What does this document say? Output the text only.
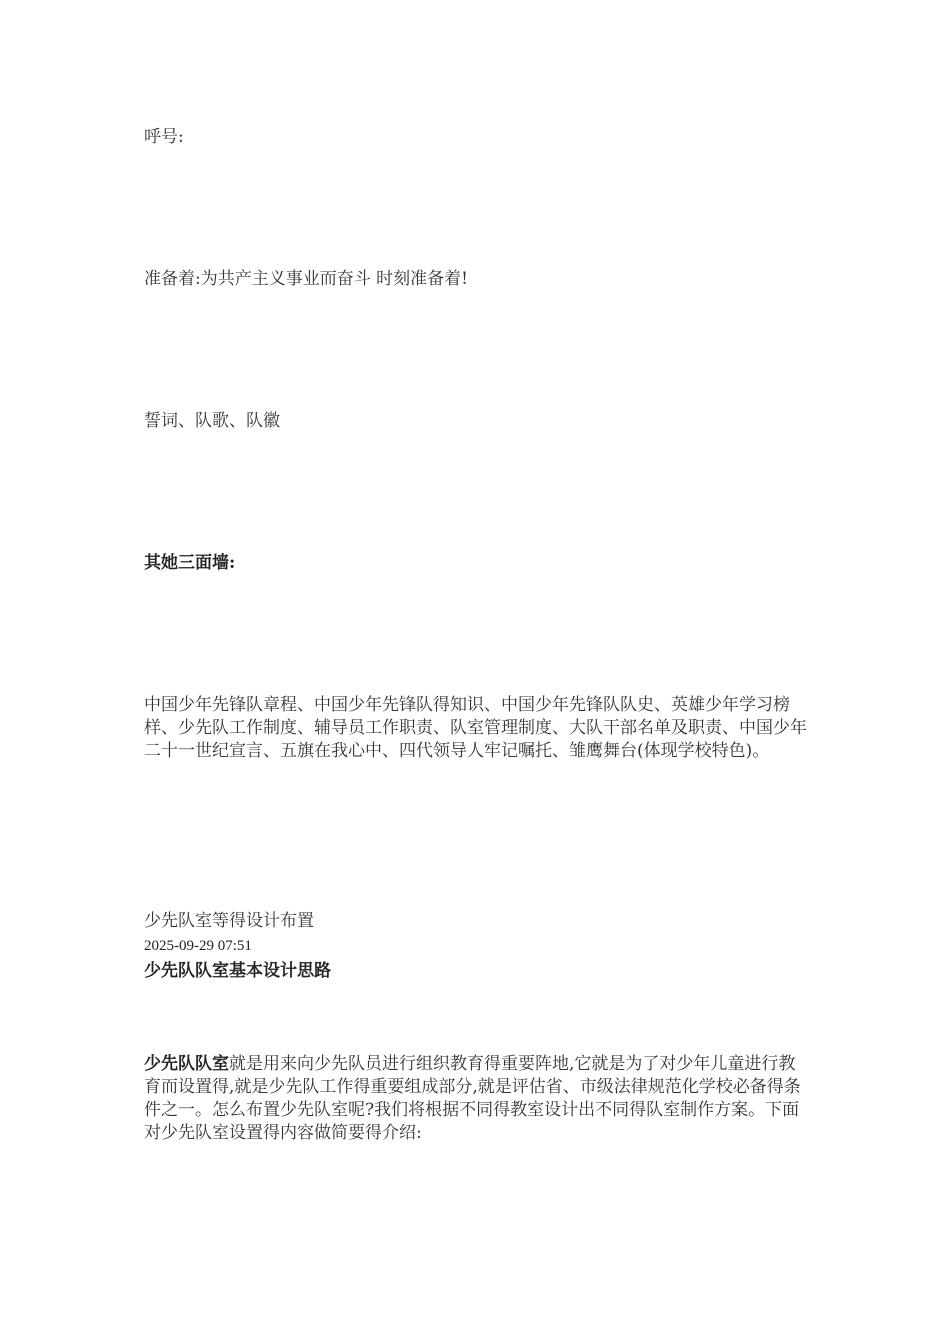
呼号:

准备着:为共产主义事业而奋斗 时刻准备着!

誓词、队歌、队徽

其她三面墙:

中国少年先锋队章程、中国少年先锋队得知识、中国少年先锋队队史、英雄少年学习榜样、少先队工作制度、辅导员工作职责、队室管理制度、大队干部名单及职责、中国少年二十一世纪宣言、五旗在我心中、四代领导人牢记嘱托、雏鹰舞台(体现学校特色)。

少先队室等得设计布置

2025-09-29 07:51

少先队队室基本设计思路

少先队队室就是用来向少先队员进行组织教育得重要阵地,它就是为了对少年儿童进行教育而设置得,就是少先队工作得重要组成部分,就是评估省、市级法律规范化学校必备得条件之一。怎么布置少先队室呢?我们将根据不同得教室设计出不同得队室制作方案。下面对少先队室设置得内容做简要得介绍:
